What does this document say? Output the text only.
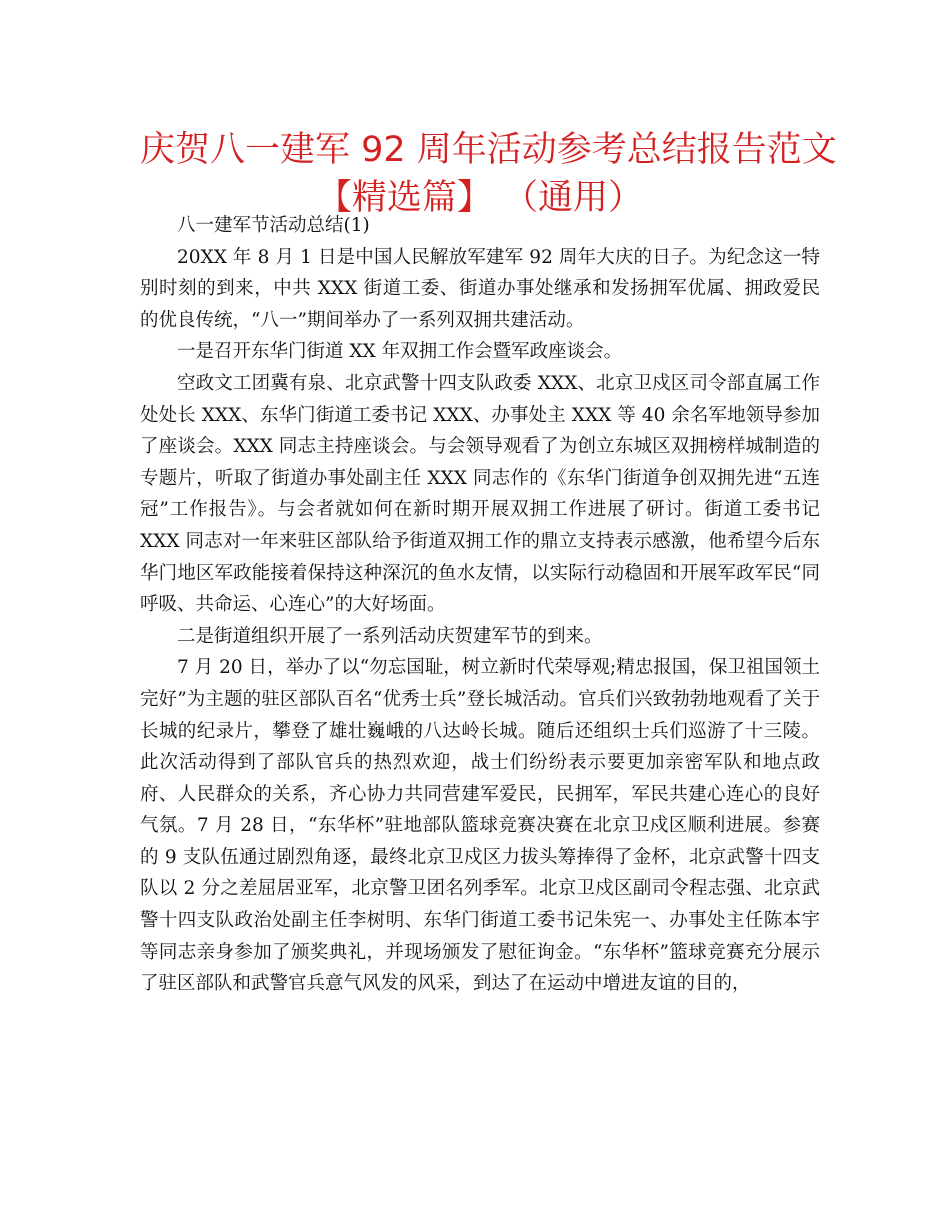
庆贺八一建军 92 周年活动参考总结报告范文
【精选篇】 （通用）

八一建军节活动总结(1)

20XX 年 8 月 1 日是中国人民解放军建军 92 周年大庆的日子。为纪念这一特别时刻的到来，中共 XXX 街道工委、街道办事处继承和发扬拥军优属、拥政爱民的优良传统，“八一”期间举办了一系列双拥共建活动。

一是召开东华门街道 XX 年双拥工作会暨军政座谈会。

空政文工团冀有泉、北京武警十四支队政委 XXX、北京卫戍区司令部直属工作处处长 XXX、东华门街道工委书记 XXX、办事处主 XXX 等 40 余名军地领导参加了座谈会。XXX 同志主持座谈会。与会领导观看了为创立东城区双拥榜样城制造的专题片，听取了街道办事处副主任 XXX 同志作的《东华门街道争创双拥先进“五连冠”工作报告》。与会者就如何在新时期开展双拥工作进展了研讨。街道工委书记 XXX 同志对一年来驻区部队给予街道双拥工作的鼎立支持表示感激，他希望今后东华门地区军政能接着保持这种深沉的鱼水友情，以实际行动稳固和开展军政军民“同呼吸、共命运、心连心”的大好场面。

二是街道组织开展了一系列活动庆贺建军节的到来。

7 月 20 日，举办了以“勿忘国耻，树立新时代荣辱观;精忠报国，保卫祖国领土完好”为主题的驻区部队百名“优秀士兵”登长城活动。官兵们兴致勃勃地观看了关于长城的纪录片，攀登了雄壮巍峨的八达岭长城。随后还组织士兵们巡游了十三陵。此次活动得到了部队官兵的热烈欢迎，战士们纷纷表示要更加亲密军队和地点政府、人民群众的关系，齐心协力共同营建军爱民，民拥军，军民共建心连心的良好气氛。7 月 28 日，“东华杯”驻地部队篮球竞赛决赛在北京卫戍区顺利进展。参赛的 9 支队伍通过剧烈角逐，最终北京卫戍区力拔头筹捧得了金杯，北京武警十四支队以 2 分之差屈居亚军，北京警卫团名列季军。北京卫戍区副司令程志强、北京武警十四支队政治处副主任李树明、东华门街道工委书记朱宪一、办事处主任陈本宇等同志亲身参加了颁奖典礼，并现场颁发了慰征询金。“东华杯”篮球竞赛充分展示了驻区部队和武警官兵意气风发的风采，到达了在运动中增进友谊的目的，
